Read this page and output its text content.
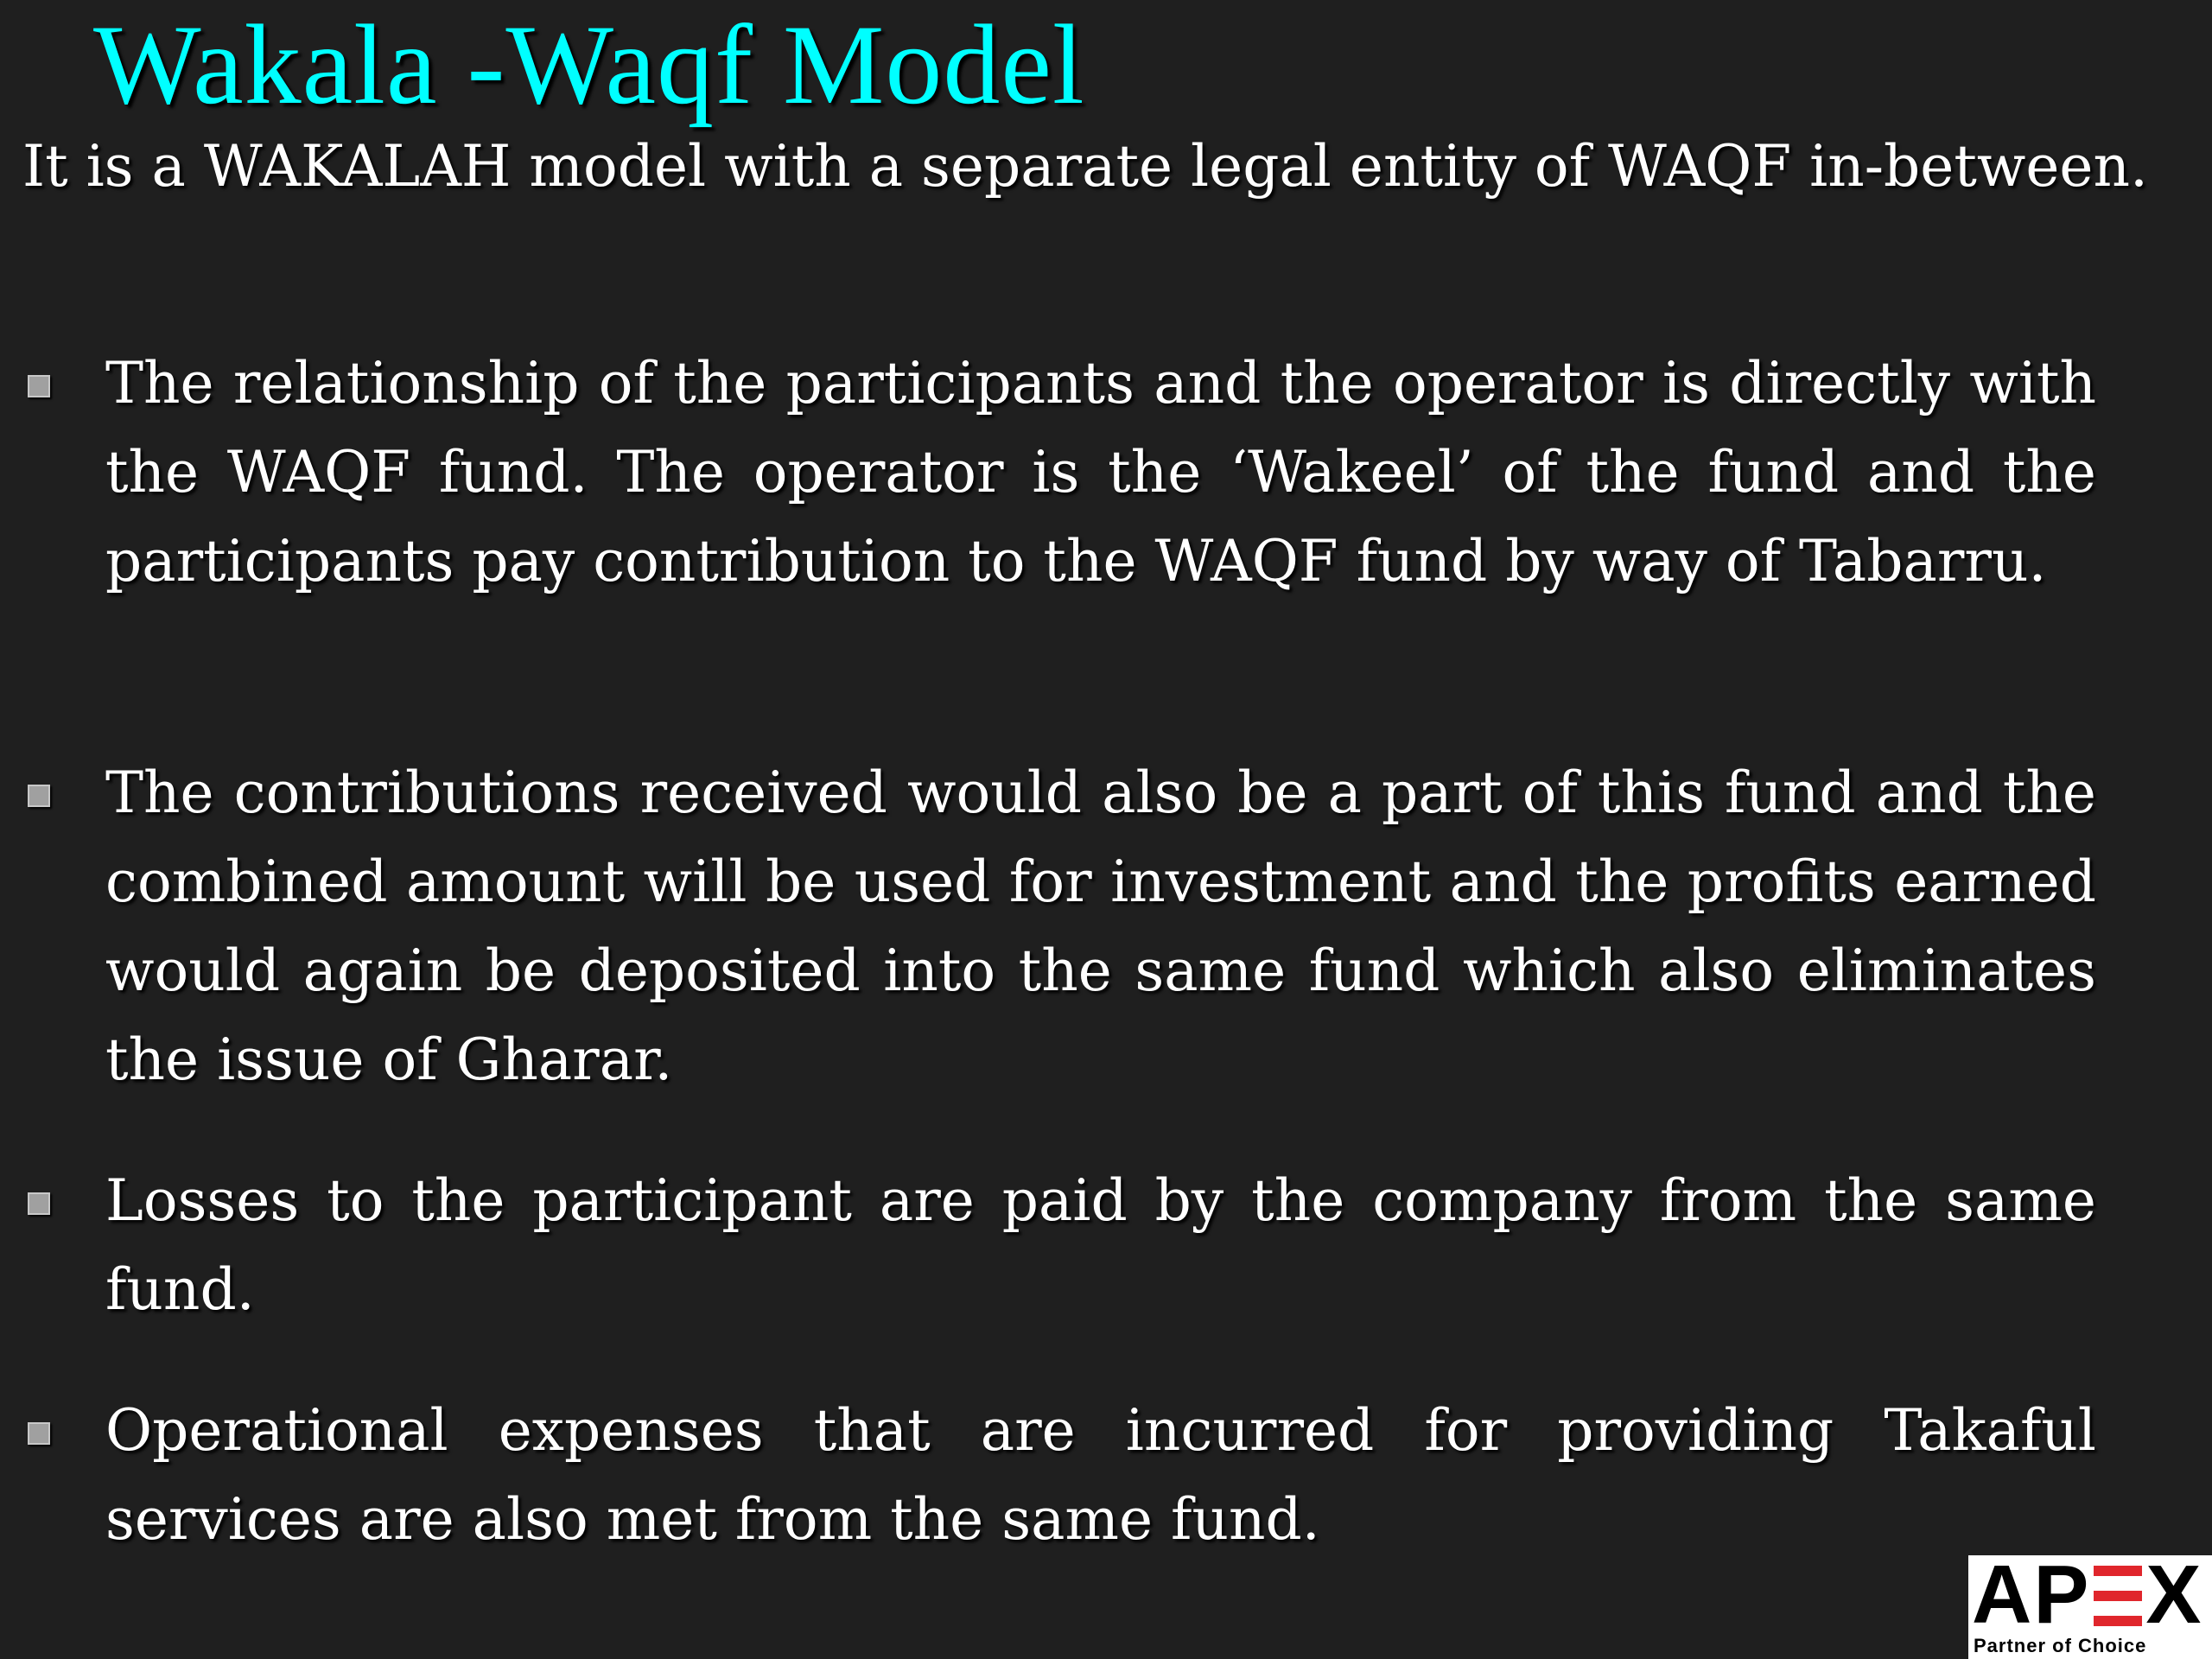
Wakala -Waqf Model

It is a WAKALAH model with a separate legal entity of WAQF in-between.

The relationship of the participants and the operator is directly with the WAQF fund. The operator is the ‘Wakeel’ of the fund and the participants pay contribution to the WAQF fund by way of Tabarru.

The contributions received would also be a part of this fund and the combined amount will be used for investment and the profits earned would again be deposited into the same fund which also eliminates the issue of Gharar.

Losses to the participant are paid by the company from the same fund.

Operational expenses that are incurred for providing Takaful services are also met from the same fund.

AP X
Partner of Choice
